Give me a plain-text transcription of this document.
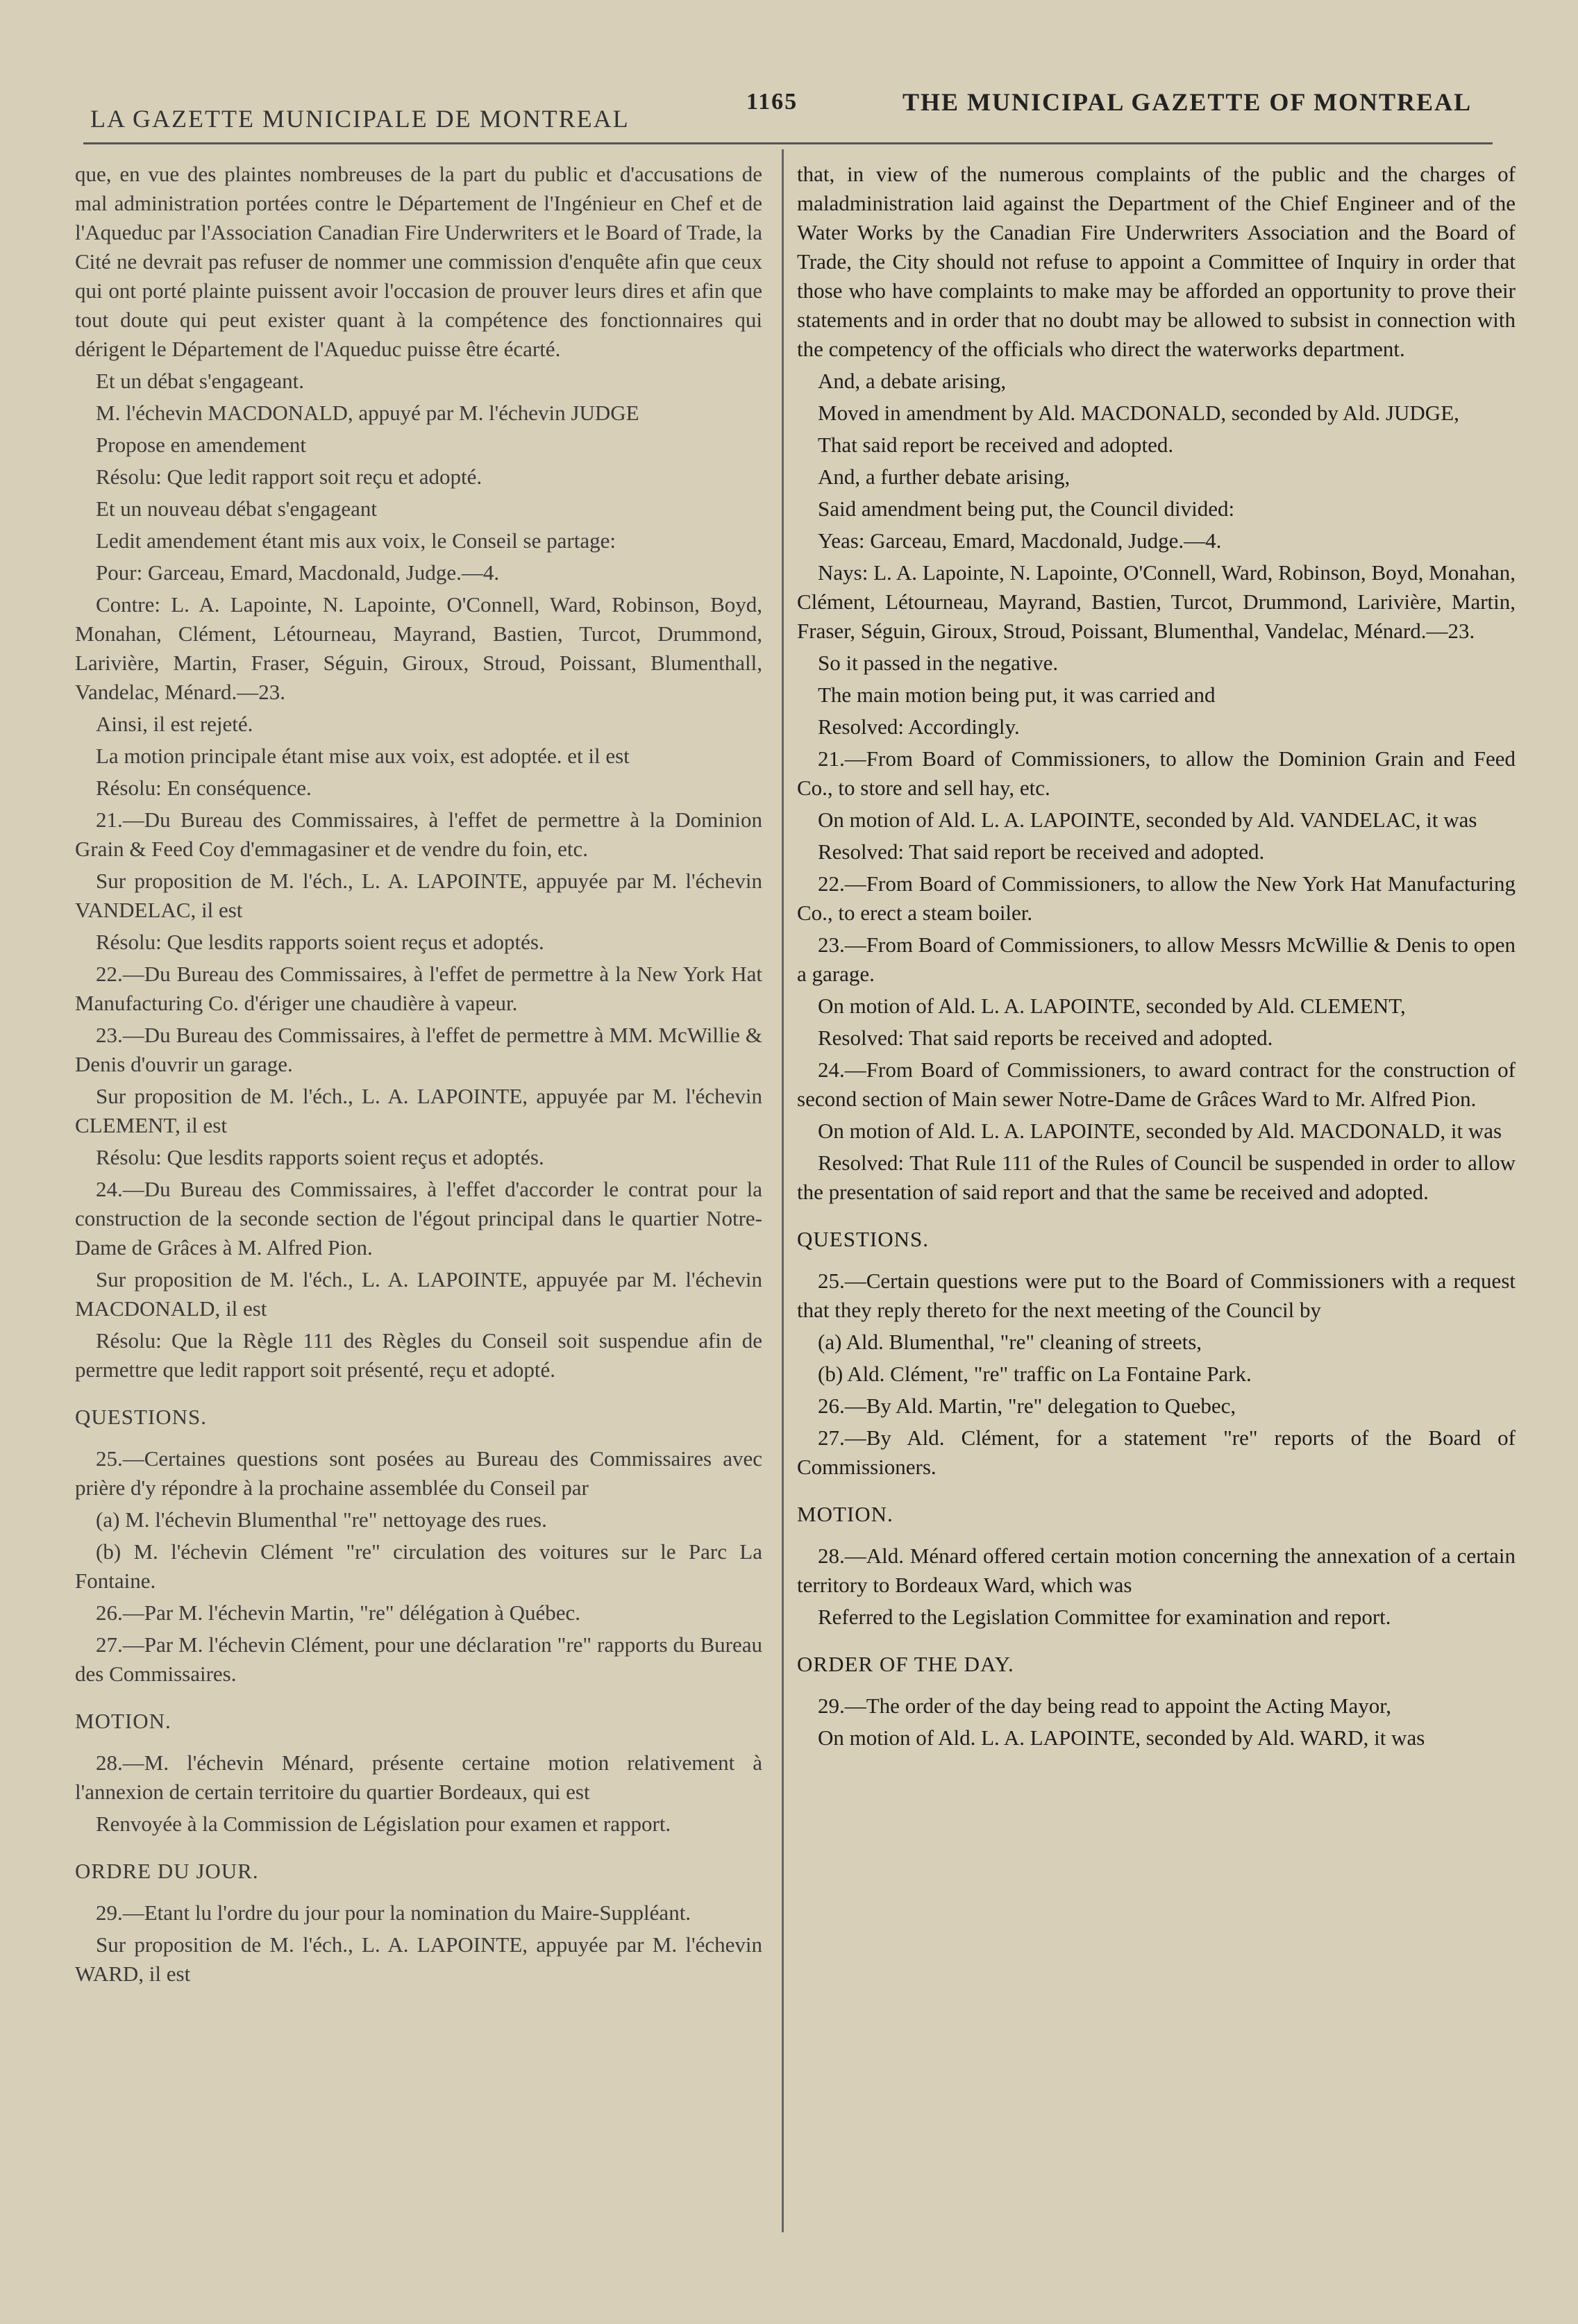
LA GAZETTE MUNICIPALE DE MONTREAL
1165	THE MUNICIPAL GAZETTE OF MONTREAL

que, en vue des plaintes nombreuses de la part du public et d'accusations de mal administration portées contre le Département de l'Ingénieur en Chef et de l'Aqueduc par l'Association Canadian Fire Underwriters et le Board of Trade, la Cité ne devrait pas refuser de nommer une commission d'enquête afin que ceux qui ont porté plainte puissent avoir l'occasion de prouver leurs dires et afin que tout doute qui peut exister quant à la compétence des fonctionnaires qui dérigent le Département de l'Aqueduc puisse être écarté.

Et un débat s'engageant.

M. l'échevin MACDONALD, appuyé par M. l'échevin JUDGE

Propose en amendement

Résolu: Que ledit rapport soit reçu et adopté.

Et un nouveau débat s'engageant

Ledit amendement étant mis aux voix, le Conseil se partage:

Pour: Garceau, Emard, Macdonald, Judge.—4.

Contre: L. A. Lapointe, N. Lapointe, O'Connell, Ward, Robinson, Boyd, Monahan, Clément, Létourneau, Mayrand, Bastien, Turcot, Drummond, Larivière, Martin, Fraser, Séguin, Giroux, Stroud, Poissant, Blumenthall, Vandelac, Ménard.—23.

Ainsi, il est rejeté.

La motion principale étant mise aux voix, est adoptée. et il est

Résolu: En conséquence.

21.—Du Bureau des Commissaires, à l'effet de permettre à la Dominion Grain & Feed Coy d'emmagasiner et de vendre du foin, etc.

Sur proposition de M. l'éch., L. A. LAPOINTE, appuyée par M. l'échevin VANDELAC, il est

Résolu: Que lesdits rapports soient reçus et adoptés.

22.—Du Bureau des Commissaires, à l'effet de permettre à la New York Hat Manufacturing Co. d'ériger une chaudière à vapeur.

23.—Du Bureau des Commissaires, à l'effet de permettre à MM. McWillie & Denis d'ouvrir un garage.

Sur proposition de M. l'éch., L. A. LAPOINTE, appuyée par M. l'échevin CLEMENT, il est

Résolu: Que lesdits rapports soient reçus et adoptés.

24.—Du Bureau des Commissaires, à l'effet d'accorder le contrat pour la construction de la seconde section de l'égout principal dans le quartier Notre-Dame de Grâces à M. Alfred Pion.

Sur proposition de M. l'éch., L. A. LAPOINTE, appuyée par M. l'échevin MACDONALD, il est

Résolu: Que la Règle 111 des Règles du Conseil soit suspendue afin de permettre que ledit rapport soit présenté, reçu et adopté.

QUESTIONS.

25.—Certaines questions sont posées au Bureau des Commissaires avec prière d'y répondre à la prochaine assemblée du Conseil par

(a) M. l'échevin Blumenthal "re" nettoyage des rues.

(b) M. l'échevin Clément "re" circulation des voitures sur le Parc La Fontaine.

26.—Par M. l'échevin Martin, "re" délégation à Québec.

27.—Par M. l'échevin Clément, pour une déclaration "re" rapports du Bureau des Commissaires.

MOTION.

28.—M. l'échevin Ménard, présente certaine motion relativement à l'annexion de certain territoire du quartier Bordeaux, qui est

Renvoyée à la Commission de Législation pour examen et rapport.

ORDRE DU JOUR.

29.—Etant lu l'ordre du jour pour la nomination du Maire-Suppléant.

Sur proposition de M. l'éch., L. A. LAPOINTE, appuyée par M. l'échevin WARD, il est

that, in view of the numerous complaints of the public and the charges of maladministration laid against the Department of the Chief Engineer and of the Water Works by the Canadian Fire Underwriters Association and the Board of Trade, the City should not refuse to appoint a Committee of Inquiry in order that those who have complaints to make may be afforded an opportunity to prove their statements and in order that no doubt may be allowed to subsist in connection with the competency of the officials who direct the waterworks department.

And, a debate arising,

Moved in amendment by Ald. MACDONALD, seconded by Ald. JUDGE,

That said report be received and adopted.

And, a further debate arising,

Said amendment being put, the Council divided:

Yeas: Garceau, Emard, Macdonald, Judge.—4.

Nays: L. A. Lapointe, N. Lapointe, O'Connell, Ward, Robinson, Boyd, Monahan, Clément, Létourneau, Mayrand, Bastien, Turcot, Drummond, Larivière, Martin, Fraser, Séguin, Giroux, Stroud, Poissant, Blumenthal, Vandelac, Ménard.—23.

So it passed in the negative.

The main motion being put, it was carried and

Resolved: Accordingly.

21.—From Board of Commissioners, to allow the Dominion Grain and Feed Co., to store and sell hay, etc.

On motion of Ald. L. A. LAPOINTE, seconded by Ald. VANDELAC, it was

Resolved: That said report be received and adopted.

22.—From Board of Commissioners, to allow the New York Hat Manufacturing Co., to erect a steam boiler.

23.—From Board of Commissioners, to allow Messrs McWillie & Denis to open a garage.

On motion of Ald. L. A. LAPOINTE, seconded by Ald. CLEMENT,

Resolved: That said reports be received and adopted.

24.—From Board of Commissioners, to award contract for the construction of second section of Main sewer Notre-Dame de Grâces Ward to Mr. Alfred Pion.

On motion of Ald. L. A. LAPOINTE, seconded by Ald. MACDONALD, it was

Resolved: That Rule 111 of the Rules of Council be suspended in order to allow the presentation of said report and that the same be received and adopted.

QUESTIONS.

25.—Certain questions were put to the Board of Commissioners with a request that they reply thereto for the next meeting of the Council by

(a) Ald. Blumenthal, "re" cleaning of streets,

(b) Ald. Clément, "re" traffic on La Fontaine Park.

26.—By Ald. Martin, "re" delegation to Quebec,

27.—By Ald. Clément, for a statement "re" reports of the Board of Commissioners.

MOTION.

28.—Ald. Ménard offered certain motion concerning the annexation of a certain territory to Bordeaux Ward, which was

Referred to the Legislation Committee for examination and report.

ORDER OF THE DAY.

29.—The order of the day being read to appoint the Acting Mayor,

On motion of Ald. L. A. LAPOINTE, seconded by Ald. WARD, it was
